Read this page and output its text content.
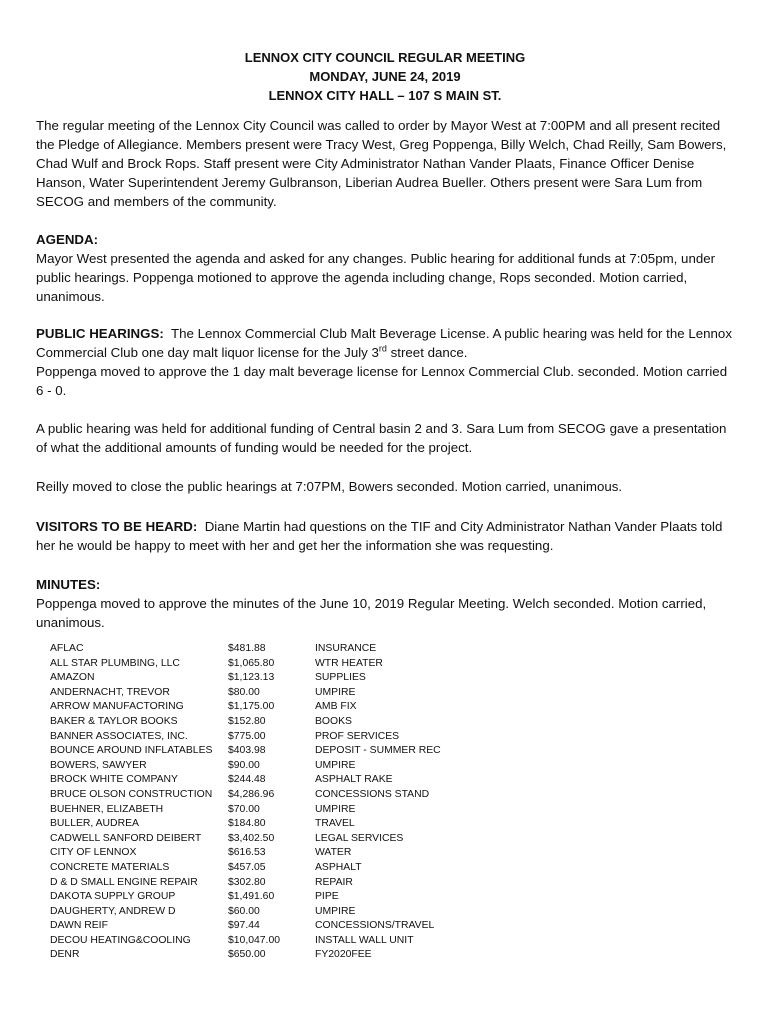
LENNOX CITY COUNCIL REGULAR MEETING
MONDAY, JUNE 24, 2019
LENNOX CITY HALL – 107 S MAIN ST.
The regular meeting of the Lennox City Council was called to order by Mayor West at 7:00PM and all present recited the Pledge of Allegiance. Members present were Tracy West, Greg Poppenga, Billy Welch, Chad Reilly, Sam Bowers, Chad Wulf and Brock Rops. Staff present were City Administrator Nathan Vander Plaats, Finance Officer Denise Hanson, Water Superintendent Jeremy Gulbranson, Liberian Audrea Bueller. Others present were Sara Lum from SECOG and members of the community.
AGENDA:
Mayor West presented the agenda and asked for any changes. Public hearing for additional funds at 7:05pm, under public hearings. Poppenga motioned to approve the agenda including change, Rops seconded. Motion carried, unanimous.
PUBLIC HEARINGS: The Lennox Commercial Club Malt Beverage License. A public hearing was held for the Lennox Commercial Club one day malt liquor license for the July 3rd street dance.
Poppenga moved to approve the 1 day malt beverage license for Lennox Commercial Club. seconded. Motion carried 6 - 0.
A public hearing was held for additional funding of Central basin 2 and 3. Sara Lum from SECOG gave a presentation of what the additional amounts of funding would be needed for the project.
Reilly moved to close the public hearings at 7:07PM, Bowers seconded. Motion carried, unanimous.
VISITORS TO BE HEARD: Diane Martin had questions on the TIF and City Administrator Nathan Vander Plaats told her he would be happy to meet with her and get her the information she was requesting.
MINUTES:
Poppenga moved to approve the minutes of the June 10, 2019 Regular Meeting. Welch seconded. Motion carried, unanimous.
AFLAC	$481.88	INSURANCE
ALL STAR PLUMBING, LLC	$1,065.80	WTR HEATER
AMAZON	$1,123.13	SUPPLIES
ANDERNACHT, TREVOR	$80.00	UMPIRE
ARROW MANUFACTORING	$1,175.00	AMB FIX
BAKER & TAYLOR BOOKS	$152.80	BOOKS
BANNER ASSOCIATES, INC.	$775.00	PROF SERVICES
BOUNCE AROUND INFLATABLES	$403.98	DEPOSIT - SUMMER REC
BOWERS, SAWYER	$90.00	UMPIRE
BROCK WHITE COMPANY	$244.48	ASPHALT RAKE
BRUCE OLSON CONSTRUCTION	$4,286.96	CONCESSIONS STAND
BUEHNER, ELIZABETH	$70.00	UMPIRE
BULLER, AUDREA	$184.80	TRAVEL
CADWELL SANFORD DEIBERT	$3,402.50	LEGAL SERVICES
CITY OF LENNOX	$616.53	WATER
CONCRETE MATERIALS	$457.05	ASPHALT
D & D SMALL ENGINE REPAIR	$302.80	REPAIR
DAKOTA SUPPLY GROUP	$1,491.60	PIPE
DAUGHERTY, ANDREW D	$60.00	UMPIRE
DAWN REIF	$97.44	CONCESSIONS/TRAVEL
DECOU HEATING&COOLING	$10,047.00	INSTALL WALL UNIT
DENR	$650.00	FY2020FEE
